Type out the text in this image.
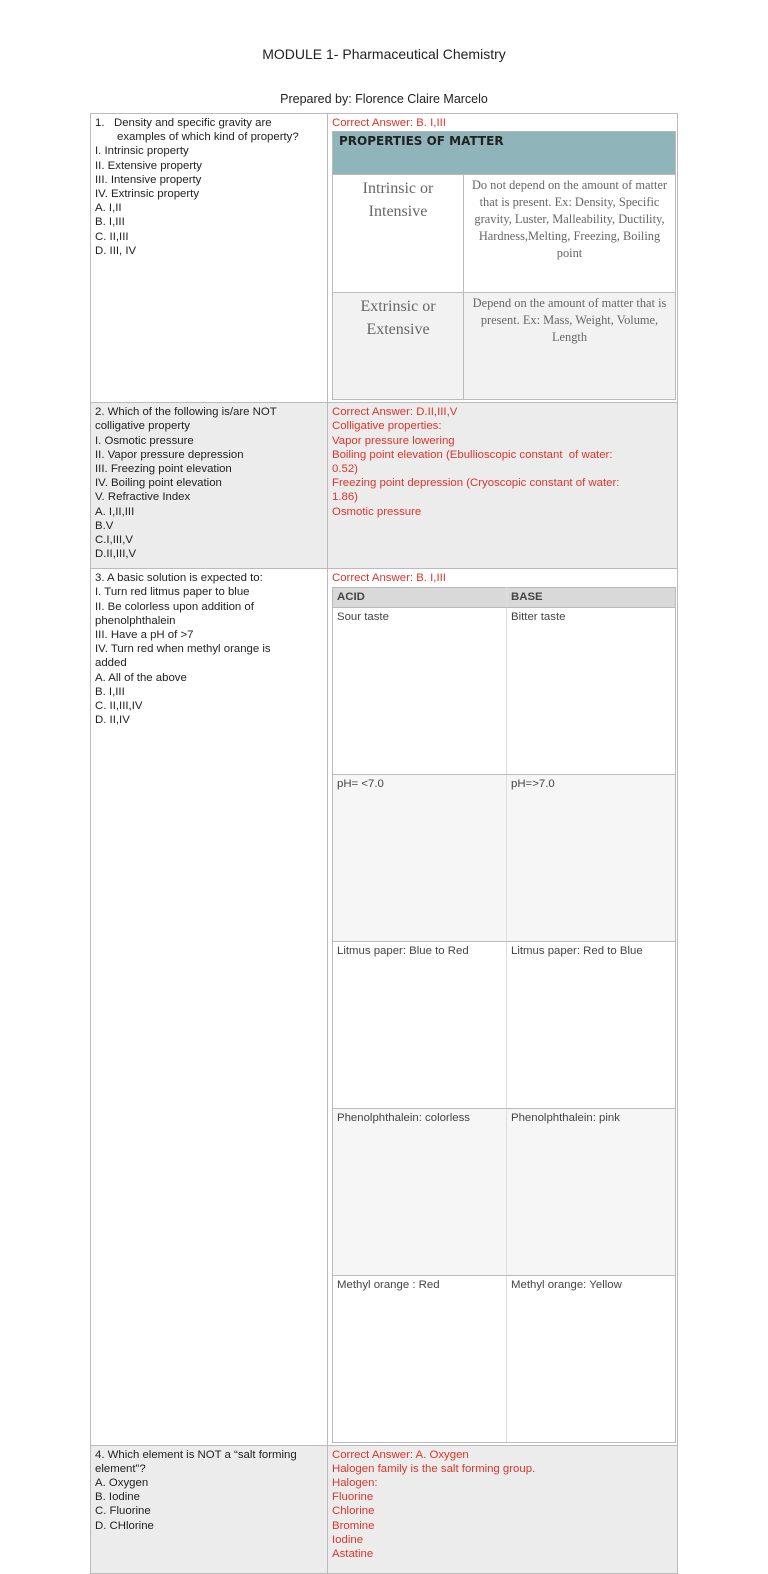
MODULE 1- Pharmaceutical Chemistry
Prepared by: Florence Claire Marcelo
1.   Density and specific gravity are
examples of which kind of property?
I. Intrinsic property
II. Extensive property
III. Intensive property
IV. Extrinsic property
A. I,II
B. I,III
C. II,III
D. III, IV

Correct Answer: B. I,III
PROPERTIES OF MATTER
Intrinsic or Intensive	Do not depend on the amount of matter that is present. Ex: Density, Specific gravity, Luster, Malleability, Ductility, Hardness,Melting, Freezing, Boiling point
Extrinsic or Extensive	Depend on the amount of matter that is present. Ex: Mass, Weight, Volume, Length

2. Which of the following is/are NOT
colligative property
I. Osmotic pressure
II. Vapor pressure depression
III. Freezing point elevation
IV. Boiling point elevation
V. Refractive Index
A. I,II,III
B.V
C.I,III,V
D.II,III,V

Correct Answer: D.II,III,V
Colligative properties:
Vapor pressure lowering
Boiling point elevation (Ebullioscopic constant  of water:
0.52)
Freezing point depression (Cryoscopic constant of water:
1.86)
Osmotic pressure

3. A basic solution is expected to:
I. Turn red litmus paper to blue
II. Be colorless upon addition of
phenolphthalein
III. Have a pH of >7
IV. Turn red when methyl orange is
added
A. All of the above
B. I,III
C. II,III,IV
D. II,IV

Correct Answer: B. I,III
ACID	BASE
Sour taste	Bitter taste
pH= <7.0	pH=>7.0
Litmus paper: Blue to Red	Litmus paper: Red to Blue
Phenolphthalein: colorless	Phenolphthalein: pink
Methyl orange : Red	Methyl orange: Yellow

4. Which element is NOT a “salt forming
element”?
A. Oxygen
B. Iodine
C. Fluorine
D. CHlorine

Correct Answer: A. Oxygen
Halogen family is the salt forming group.
Halogen:
Fluorine
Chlorine
Bromine
Iodine
Astatine
